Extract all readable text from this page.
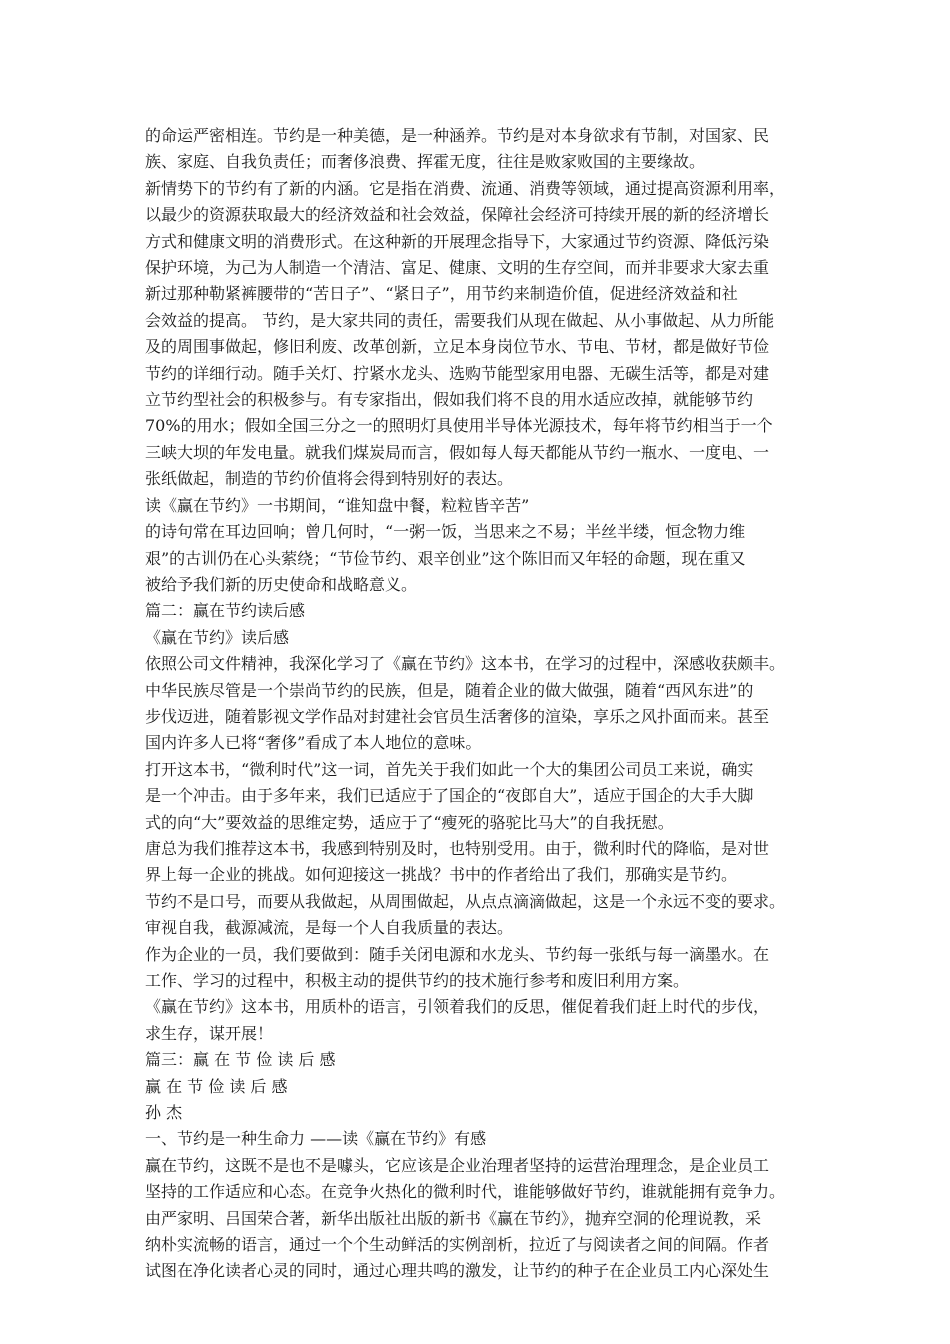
的命运严密相连。节约是一种美德，是一种涵养。节约是对本身欲求有节制，对国家、民
族、家庭、自我负责任；而奢侈浪费、挥霍无度，往往是败家败国的主要缘故。
新情势下的节约有了新的内涵。它是指在消费、流通、消费等领域，通过提高资源利用率，
以最少的资源获取最大的经济效益和社会效益，保障社会经济可持续开展的新的经济增长
方式和健康文明的消费形式。在这种新的开展理念指导下，大家通过节约资源、降低污染
保护环境，为己为人制造一个清洁、富足、健康、文明的生存空间，而并非要求大家去重
新过那种勒紧裤腰带的“苦日子”、“紧日子”，用节约来制造价值，促进经济效益和社
会效益的提高。 节约，是大家共同的责任，需要我们从现在做起、从小事做起、从力所能
及的周围事做起，修旧利废、改革创新，立足本身岗位节水、节电、节材，都是做好节俭
节约的详细行动。随手关灯、拧紧水龙头、选购节能型家用电器、无碳生活等，都是对建
立节约型社会的积极参与。有专家指出，假如我们将不良的用水适应改掉，就能够节约
70%的用水；假如全国三分之一的照明灯具使用半导体光源技术，每年将节约相当于一个
三峡大坝的年发电量。就我们煤炭局而言，假如每人每天都能从节约一瓶水、一度电、一
张纸做起，制造的节约价值将会得到特别好的表达。
读《赢在节约》一书期间，“谁知盘中餐，粒粒皆辛苦”
的诗句常在耳边回响；曾几何时，“一粥一饭，当思来之不易；半丝半缕，恒念物力维
艰”的古训仍在心头萦绕；“节俭节约、艰辛创业”这个陈旧而又年轻的命题，现在重又
被给予我们新的历史使命和战略意义。
篇二：赢在节约读后感
《赢在节约》读后感
依照公司文件精神，我深化学习了《赢在节约》这本书，在学习的过程中，深感收获颇丰。
中华民族尽管是一个崇尚节约的民族，但是，随着企业的做大做强，随着“西风东进”的
步伐迈进，随着影视文学作品对封建社会官员生活奢侈的渲染，享乐之风扑面而来。甚至
国内许多人已将“奢侈”看成了本人地位的意味。
打开这本书，“微利时代”这一词，首先关于我们如此一个大的集团公司员工来说，确实
是一个冲击。由于多年来，我们已适应于了国企的“夜郎自大”，适应于国企的大手大脚
式的向“大”要效益的思维定势，适应于了“瘦死的骆驼比马大”的自我抚慰。
唐总为我们推荐这本书，我感到特别及时，也特别受用。由于，微利时代的降临，是对世
界上每一企业的挑战。如何迎接这一挑战？书中的作者给出了我们，那确实是节约。
节约不是口号，而要从我做起，从周围做起，从点点滴滴做起，这是一个永远不变的要求。
审视自我，截源减流，是每一个人自我质量的表达。
作为企业的一员，我们要做到：随手关闭电源和水龙头、节约每一张纸与每一滴墨水。在
工作、学习的过程中，积极主动的提供节约的技术施行参考和废旧利用方案。
《赢在节约》这本书，用质朴的语言，引领着我们的反思，催促着我们赶上时代的步伐，
求生存，谋开展！
篇三：赢 在 节 俭 读 后 感
赢 在 节 俭 读 后 感
孙 杰
一、节约是一种生命力 ——读《赢在节约》有感
赢在节约，这既不是也不是噱头，它应该是企业治理者坚持的运营治理理念，是企业员工
坚持的工作适应和心态。在竞争火热化的微利时代，谁能够做好节约，谁就能拥有竞争力。
由严家明、吕国荣合著，新华出版社出版的新书《赢在节约》，抛弃空洞的伦理说教，采
纳朴实流畅的语言，通过一个个生动鲜活的实例剖析，拉近了与阅读者之间的间隔。作者
试图在净化读者心灵的同时，通过心理共鸣的激发，让节约的种子在企业员工内心深处生
